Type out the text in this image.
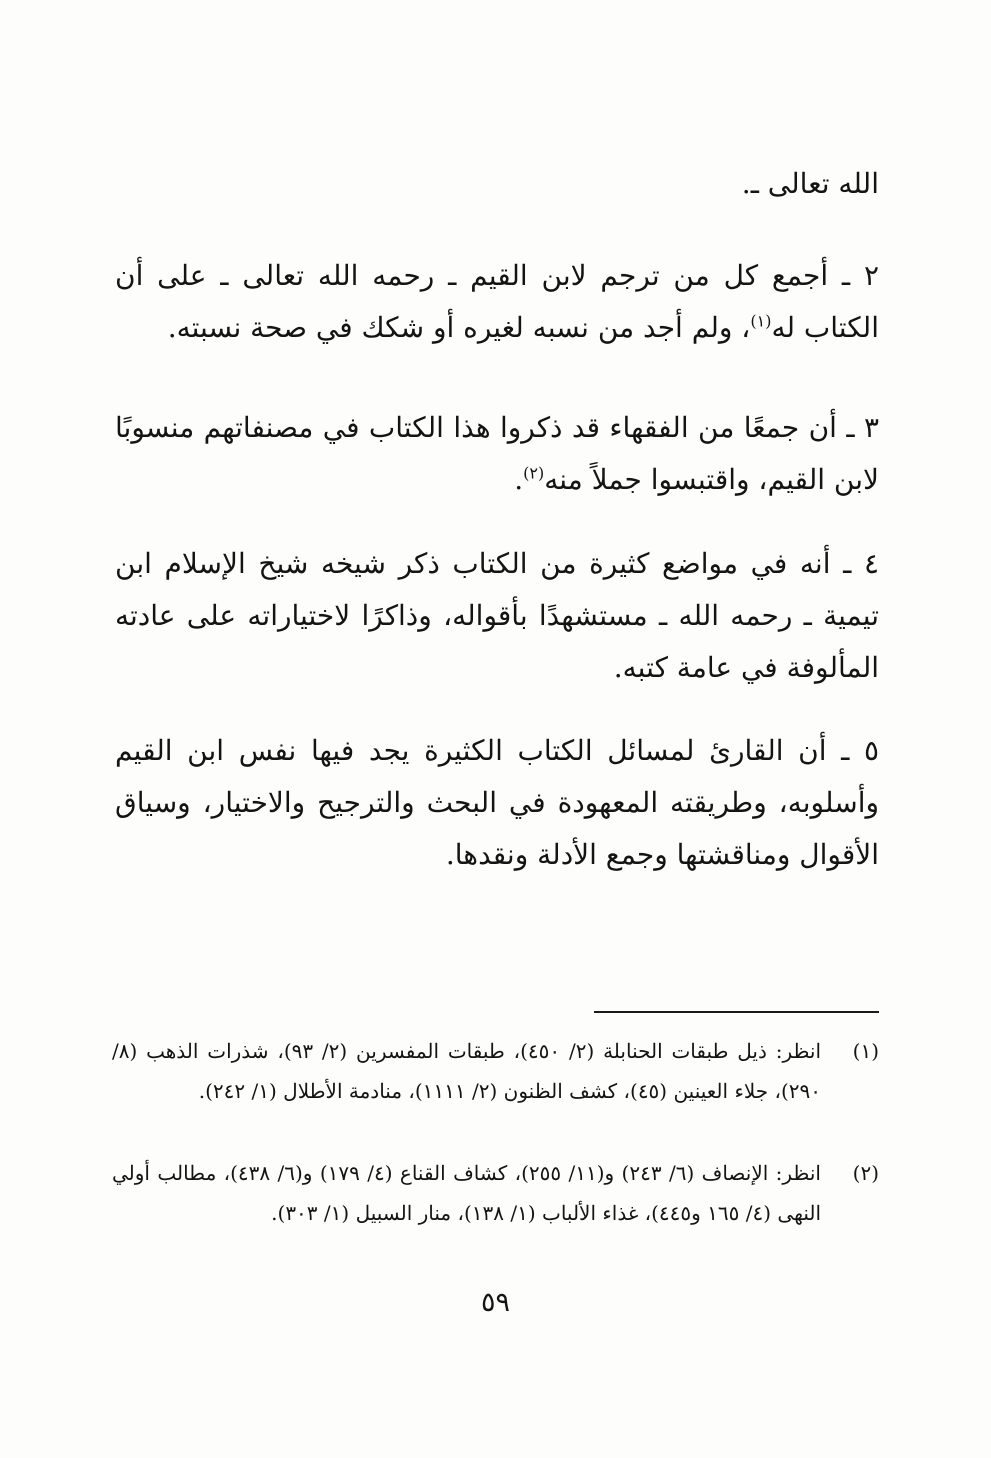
الله تعالى ـ.

٢ ـ أجمع كل من ترجم لابن القيم ـ رحمه الله تعالى ـ على أن الكتاب له$^{(١)}$، ولم أجد من نسبه لغيره أو شكك في صحة نسبته.

٣ ـ أن جمعًا من الفقهاء قد ذكروا هذا الكتاب في مصنفاتهم منسوبًا لابن القيم، واقتبسوا جملاً منه$^{(٢)}$.

٤ ـ أنه في مواضع كثيرة من الكتاب ذكر شيخه شيخ الإسلام ابن تيمية ـ رحمه الله ـ مستشهدًا بأقواله، وذاكرًا لاختياراته على عادته المألوفة في عامة كتبه.

٥ ـ أن القارئ لمسائل الكتاب الكثيرة يجد فيها نفس ابن القيم وأسلوبه، وطريقته المعهودة في البحث والترجيح والاختيار، وسياق الأقوال ومناقشتها وجمع الأدلة ونقدها.

(١)
انظر: ذيل طبقات الحنابلة (٢/ ٤٥٠)، طبقات المفسرين (٢/ ٩٣)، شذرات الذهب (٨/ ٢٩٠)، جلاء العينين (٤٥)، كشف الظنون (٢/ ١١١١)، منادمة الأطلال (١/ ٢٤٢).
(٢)
انظر: الإنصاف (٦/ ٢٤٣) و(١١/ ٢٥٥)، كشاف القناع (٤/ ١٧٩) و(٦/ ٤٣٨)، مطالب أولي النهى (٤/ ١٦٥ و٤٤٥)، غذاء الألباب (١/ ١٣٨)، منار السبيل (١/ ٣٠٣).
٥٩
